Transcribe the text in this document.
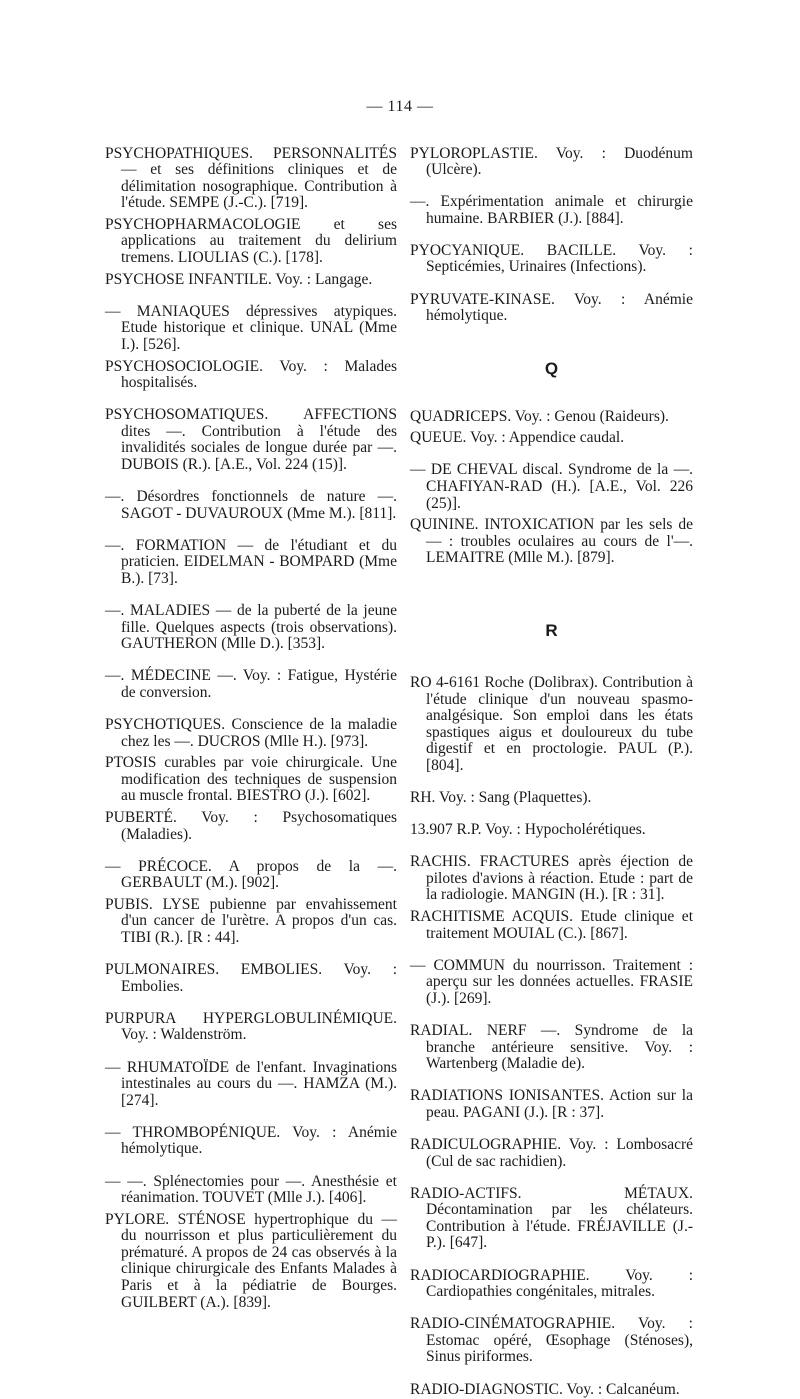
— 114 —

PSYCHOPATHIQUES. PERSONNALITÉS — et ses définitions cliniques et de délimitation nosographique. Contribution à l'étude. SEMPE (J.-C.). [719].

PSYCHOPHARMACOLOGIE et ses applications au traitement du delirium tremens. LIOULIAS (C.). [178].

PSYCHOSE INFANTILE. Voy. : Langage.

— MANIAQUES dépressives atypiques. Etude historique et clinique. UNAL (Mme I.). [526].

PSYCHOSOCIOLOGIE. Voy. : Malades hospitalisés.

PSYCHOSOMATIQUES. AFFECTIONS dites —. Contribution à l'étude des invalidités sociales de longue durée par —. DUBOIS (R.). [A.E., Vol. 224 (15)].

—. Désordres fonctionnels de nature —. SAGOT - DUVAUROUX (Mme M.). [811].

—. FORMATION — de l'étudiant et du praticien. EIDELMAN - BOMPARD (Mme B.). [73].

—. MALADIES — de la puberté de la jeune fille. Quelques aspects (trois observations). GAUTHERON (Mlle D.). [353].

—. MÉDECINE —. Voy. : Fatigue, Hystérie de conversion.

PSYCHOTIQUES. Conscience de la maladie chez les —. DUCROS (Mlle H.). [973].

PTOSIS curables par voie chirurgicale. Une modification des techniques de suspension au muscle frontal. BIESTRO (J.). [602].

PUBERTÉ. Voy. : Psychosomatiques (Maladies).

— PRÉCOCE. A propos de la —. GERBAULT (M.). [902].

PUBIS. LYSE pubienne par envahissement d'un cancer de l'urètre. A propos d'un cas. TIBI (R.). [R : 44].

PULMONAIRES. EMBOLIES. Voy. : Embolies.

PURPURA HYPERGLOBULINÉMIQUE. Voy. : Waldenström.

— RHUMATOÏDE de l'enfant. Invaginations intestinales au cours du —. HAMZA (M.). [274].

— THROMBOPÉNIQUE. Voy. : Anémie hémolytique.

— —. Splénectomies pour —. Anesthésie et réanimation. TOUVET (Mlle J.). [406].

PYLORE. STÉNOSE hypertrophique du — du nourrisson et plus particulièrement du prématuré. A propos de 24 cas observés à la clinique chirurgicale des Enfants Malades à Paris et à la pédiatrie de Bourges. GUILBERT (A.). [839].

PYLOROPLASTIE. Voy. : Duodénum (Ulcère).

—. Expérimentation animale et chirurgie humaine. BARBIER (J.). [884].

PYOCYANIQUE. BACILLE. Voy. : Septicémies, Urinaires (Infections).

PYRUVATE-KINASE. Voy. : Anémie hémolytique.

Q

QUADRICEPS. Voy. : Genou (Raideurs).

QUEUE. Voy. : Appendice caudal.

— DE CHEVAL discal. Syndrome de la —. CHAFIYAN-RAD (H.). [A.E., Vol. 226 (25)].

QUININE. INTOXICATION par les sels de — : troubles oculaires au cours de l'—. LEMAITRE (Mlle M.). [879].

R

RO 4-6161 Roche (Dolibrax). Contribution à l'étude clinique d'un nouveau spasmo-analgésique. Son emploi dans les états spastiques aigus et douloureux du tube digestif et en proctologie. PAUL (P.). [804].

RH. Voy. : Sang (Plaquettes).

13.907 R.P. Voy. : Hypocholérétiques.

RACHIS. FRACTURES après éjection de pilotes d'avions à réaction. Etude : part de la radiologie. MANGIN (H.). [R : 31].

RACHITISME ACQUIS. Etude clinique et traitement MOUIAL (C.). [867].

— COMMUN du nourrisson. Traitement : aperçu sur les données actuelles. FRASIE (J.). [269].

RADIAL. NERF —. Syndrome de la branche antérieure sensitive. Voy. : Wartenberg (Maladie de).

RADIATIONS IONISANTES. Action sur la peau. PAGANI (J.). [R : 37].

RADICULOGRAPHIE. Voy. : Lombosacré (Cul de sac rachidien).

RADIO-ACTIFS. MÉTAUX. Décontamination par les chélateurs. Contribution à l'étude. FRÉJAVILLE (J.-P.). [647].

RADIOCARDIOGRAPHIE. Voy. : Cardiopathies congénitales, mitrales.

RADIO-CINÉMATOGRAPHIE. Voy. : Estomac opéré, Œsophage (Sténoses), Sinus piriformes.

RADIO-DIAGNOSTIC. Voy. : Calcanéum.
